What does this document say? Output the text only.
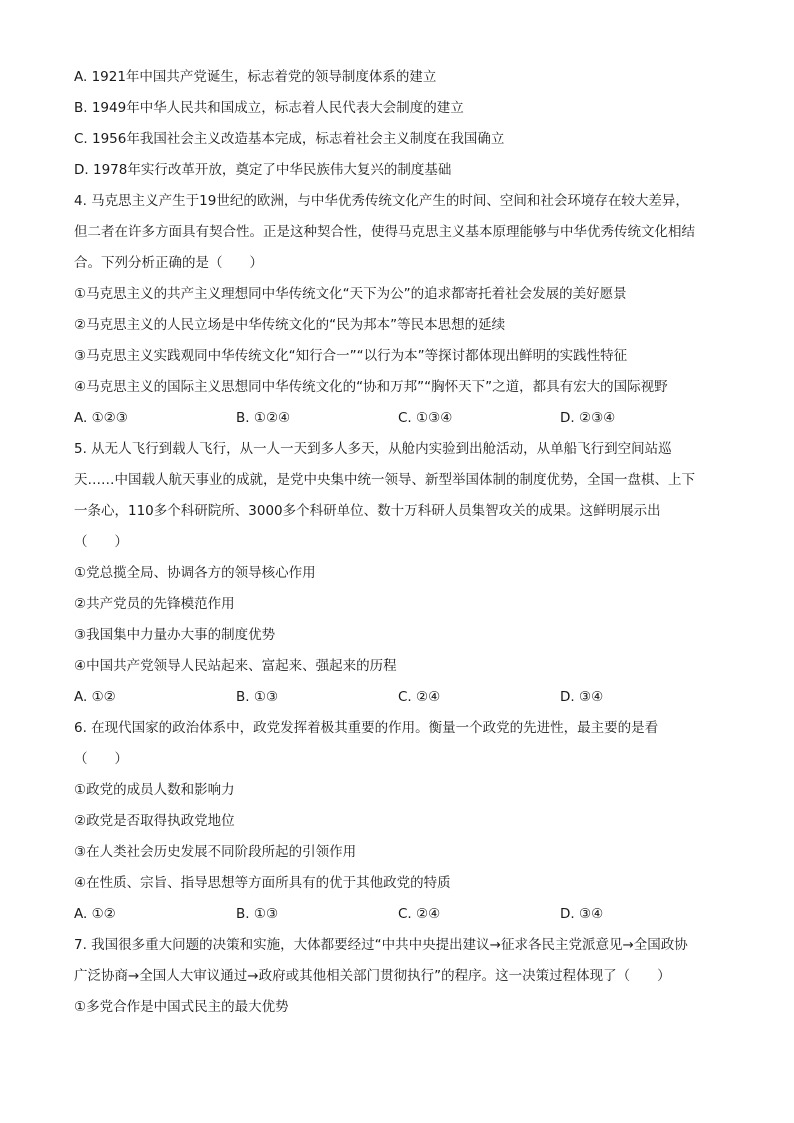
A. 1921年中国共产党诞生，标志着党的领导制度体系的建立
B. 1949年中华人民共和国成立，标志着人民代表大会制度的建立
C. 1956年我国社会主义改造基本完成，标志着社会主义制度在我国确立
D. 1978年实行改革开放，奠定了中华民族伟大复兴的制度基础
4. 马克思主义产生于19世纪的欧洲，与中华优秀传统文化产生的时间、空间和社会环境存在较大差异，
但二者在许多方面具有契合性。正是这种契合性，使得马克思主义基本原理能够与中华优秀传统文化相结
合。下列分析正确的是（　　）
①马克思主义的共产主义理想同中华传统文化“天下为公”的追求都寄托着社会发展的美好愿景
②马克思主义的人民立场是中华传统文化的“民为邦本”等民本思想的延续
③马克思主义实践观同中华传统文化“知行合一”“以行为本”等探讨都体现出鲜明的实践性特征
④马克思主义的国际主义思想同中华传统文化的“协和万邦”“胸怀天下”之道，都具有宏大的国际视野
A. ①②③	B. ①②④	C. ①③④	D. ②③④
5. 从无人飞行到载人飞行，从一人一天到多人多天，从舱内实验到出舱活动，从单船飞行到空间站巡
天……中国载人航天事业的成就，是党中央集中统一领导、新型举国体制的制度优势，全国一盘棋、上下
一条心，110多个科研院所、3000多个科研单位、数十万科研人员集智攻关的成果。这鲜明展示出
（　　）
①党总揽全局、协调各方的领导核心作用
②共产党员的先锋模范作用
③我国集中力量办大事的制度优势
④中国共产党领导人民站起来、富起来、强起来的历程
A. ①②	B. ①③	C. ②④	D. ③④
6. 在现代国家的政治体系中，政党发挥着极其重要的作用。衡量一个政党的先进性，最主要的是看
（　　）
①政党的成员人数和影响力
②政党是否取得执政党地位
③在人类社会历史发展不同阶段所起的引领作用
④在性质、宗旨、指导思想等方面所具有的优于其他政党的特质
A. ①②	B. ①③	C. ②④	D. ③④
7. 我国很多重大问题的决策和实施，大体都要经过“中共中央提出建议→征求各民主党派意见→全国政协
广泛协商→全国人大审议通过→政府或其他相关部门贯彻执行”的程序。这一决策过程体现了（　　）
①多党合作是中国式民主的最大优势
